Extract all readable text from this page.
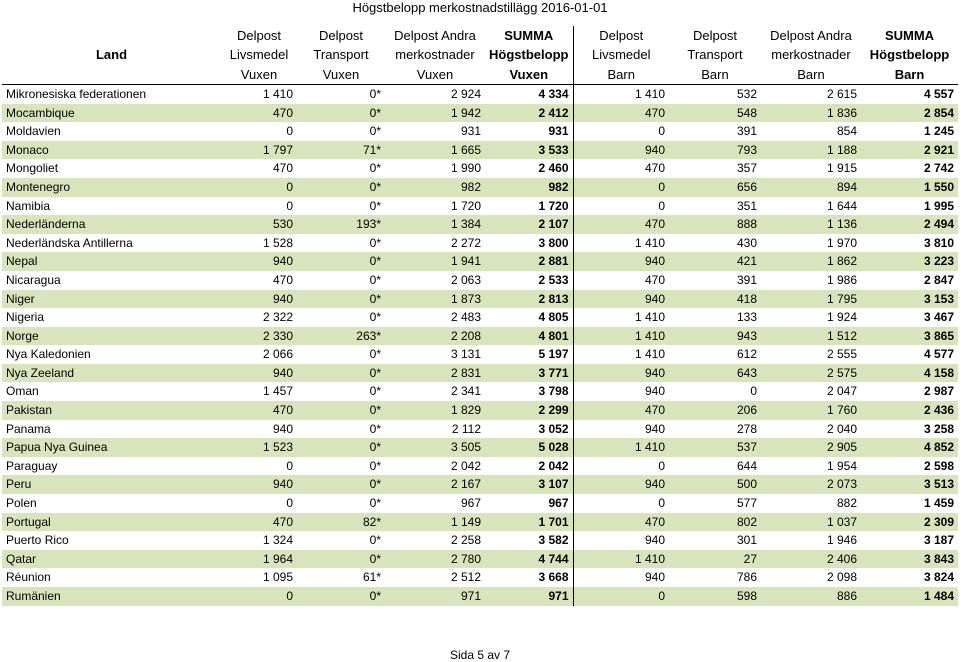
Högstbelopp merkostnadstillägg 2016-01-01
	Delpost	Delpost	Delpost Andra	SUMMA	Delpost	Delpost	Delpost Andra	SUMMA
Land	Livsmedel	Transport	merkostnader	Högstbelopp	Livsmedel	Transport	merkostnader	Högstbelopp
	Vuxen	Vuxen	Vuxen	Vuxen	Barn	Barn	Barn	Barn
Mikronesiska federationen	1 410	0*	2 924	4 334	1 410	532	2 615	4 557
Mocambique	470	0*	1 942	2 412	470	548	1 836	2 854
Moldavien	0	0*	931	931	0	391	854	1 245
Monaco	1 797	71*	1 665	3 533	940	793	1 188	2 921
Mongoliet	470	0*	1 990	2 460	470	357	1 915	2 742
Montenegro	0	0*	982	982	0	656	894	1 550
Namibia	0	0*	1 720	1 720	0	351	1 644	1 995
Nederländerna	530	193*	1 384	2 107	470	888	1 136	2 494
Nederländska Antillerna	1 528	0*	2 272	3 800	1 410	430	1 970	3 810
Nepal	940	0*	1 941	2 881	940	421	1 862	3 223
Nicaragua	470	0*	2 063	2 533	470	391	1 986	2 847
Niger	940	0*	1 873	2 813	940	418	1 795	3 153
Nigeria	2 322	0*	2 483	4 805	1 410	133	1 924	3 467
Norge	2 330	263*	2 208	4 801	1 410	943	1 512	3 865
Nya Kaledonien	2 066	0*	3 131	5 197	1 410	612	2 555	4 577
Nya Zeeland	940	0*	2 831	3 771	940	643	2 575	4 158
Oman	1 457	0*	2 341	3 798	940	0	2 047	2 987
Pakistan	470	0*	1 829	2 299	470	206	1 760	2 436
Panama	940	0*	2 112	3 052	940	278	2 040	3 258
Papua Nya Guinea	1 523	0*	3 505	5 028	1 410	537	2 905	4 852
Paraguay	0	0*	2 042	2 042	0	644	1 954	2 598
Peru	940	0*	2 167	3 107	940	500	2 073	3 513
Polen	0	0*	967	967	0	577	882	1 459
Portugal	470	82*	1 149	1 701	470	802	1 037	2 309
Puerto Rico	1 324	0*	2 258	3 582	940	301	1 946	3 187
Qatar	1 964	0*	2 780	4 744	1 410	27	2 406	3 843
Réunion	1 095	61*	2 512	3 668	940	786	2 098	3 824
Rumänien	0	0*	971	971	0	598	886	1 484
Sida 5 av 7
